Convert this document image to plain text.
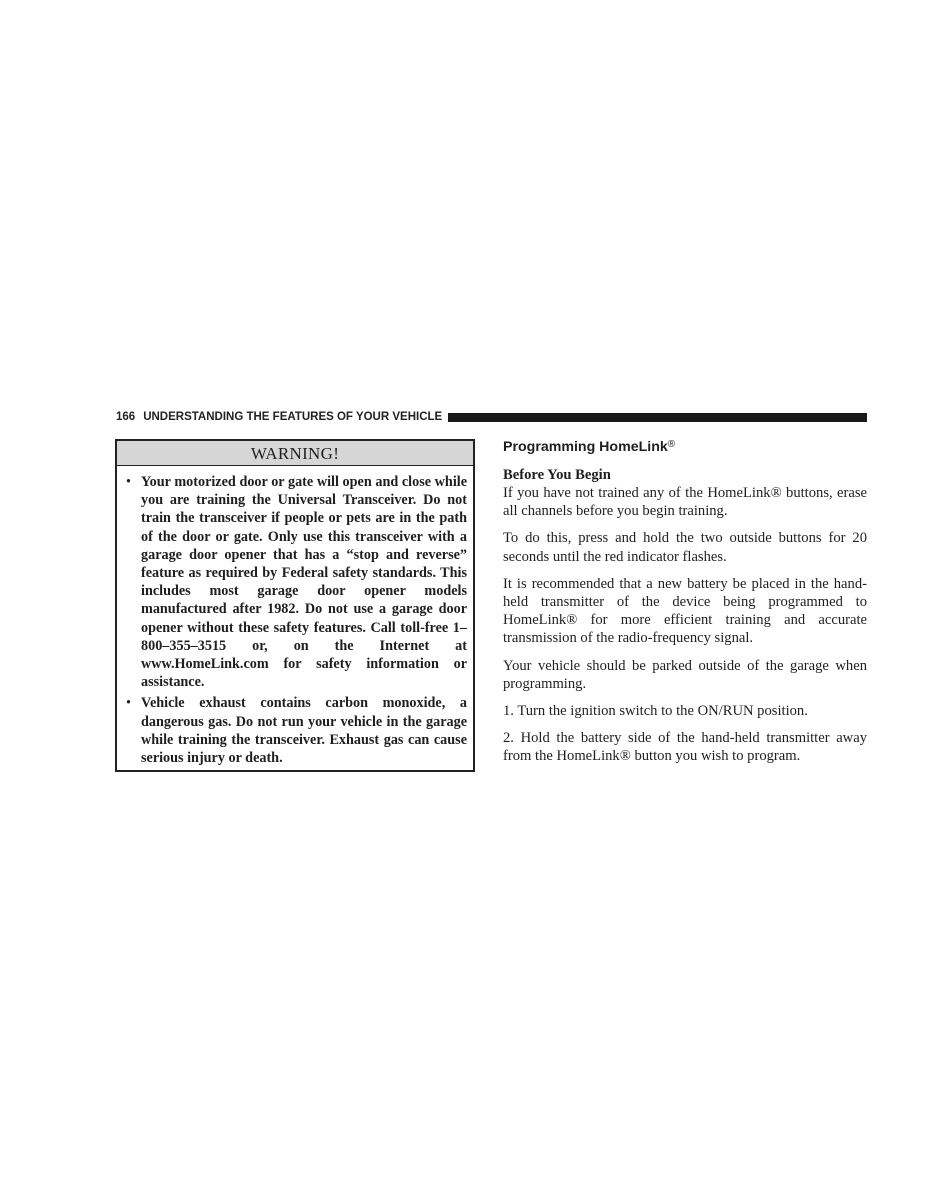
166 UNDERSTANDING THE FEATURES OF YOUR VEHICLE
WARNING!
• Your motorized door or gate will open and close while you are training the Universal Transceiver. Do not train the transceiver if people or pets are in the path of the door or gate. Only use this transceiver with a garage door opener that has a “stop and reverse” feature as required by Federal safety standards. This includes most garage door opener models manufactured after 1982. Do not use a garage door opener without these safety features. Call toll-free 1–800–355–3515 or, on the Internet at www.HomeLink.com for safety information or assistance.
• Vehicle exhaust contains carbon monoxide, a dangerous gas. Do not run your vehicle in the garage while training the transceiver. Exhaust gas can cause serious injury or death.
Programming HomeLink®

Before You Begin

If you have not trained any of the HomeLink® buttons, erase all channels before you begin training.

To do this, press and hold the two outside buttons for 20 seconds until the red indicator flashes.

It is recommended that a new battery be placed in the hand-held transmitter of the device being programmed to HomeLink® for more efficient training and accurate transmission of the radio-frequency signal.

Your vehicle should be parked outside of the garage when programming.

1. Turn the ignition switch to the ON/RUN position.

2. Hold the battery side of the hand-held transmitter away from the HomeLink® button you wish to program.
